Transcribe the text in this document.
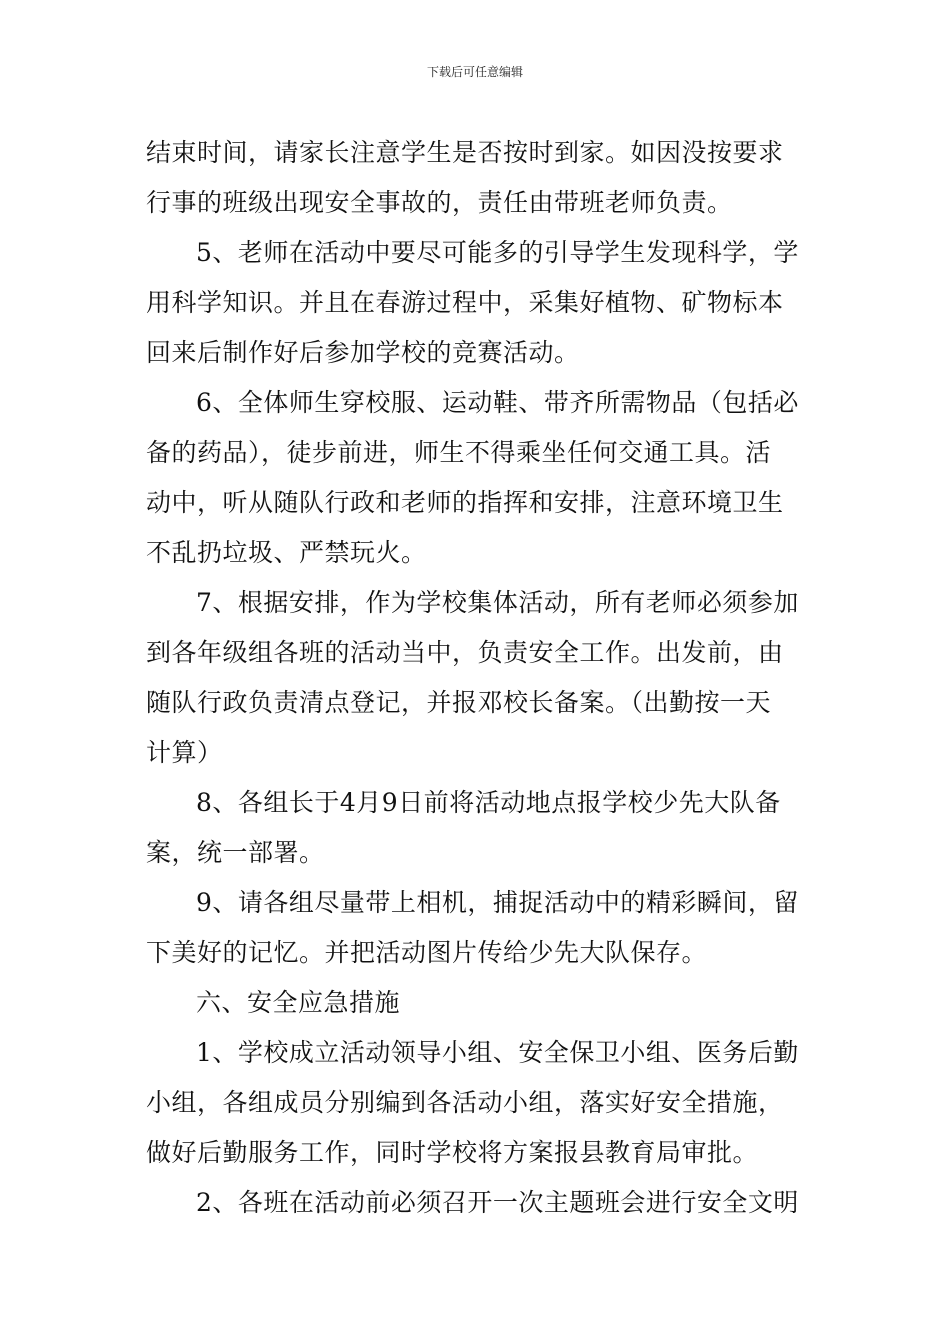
下载后可任意编辑

结束时间，请家长注意学生是否按时到家。如因没按要求
行事的班级出现安全事故的，责任由带班老师负责。

5、老师在活动中要尽可能多的引导学生发现科学，学
用科学知识。并且在春游过程中，采集好植物、矿物标本
回来后制作好后参加学校的竞赛活动。

6、全体师生穿校服、运动鞋、带齐所需物品（包括必
备的药品），徒步前进，师生不得乘坐任何交通工具。活
动中，听从随队行政和老师的指挥和安排，注意环境卫生
不乱扔垃圾、严禁玩火。

7、根据安排，作为学校集体活动，所有老师必须参加
到各年级组各班的活动当中，负责安全工作。出发前，由
随队行政负责清点登记，并报邓校长备案。（出勤按一天
计算）

8、各组长于4月9日前将活动地点报学校少先大队备
案，统一部署。

9、请各组尽量带上相机，捕捉活动中的精彩瞬间，留
下美好的记忆。并把活动图片传给少先大队保存。

六、安全应急措施

1、学校成立活动领导小组、安全保卫小组、医务后勤
小组，各组成员分别编到各活动小组，落实好安全措施，
做好后勤服务工作，同时学校将方案报县教育局审批。

2、各班在活动前必须召开一次主题班会进行安全文明
